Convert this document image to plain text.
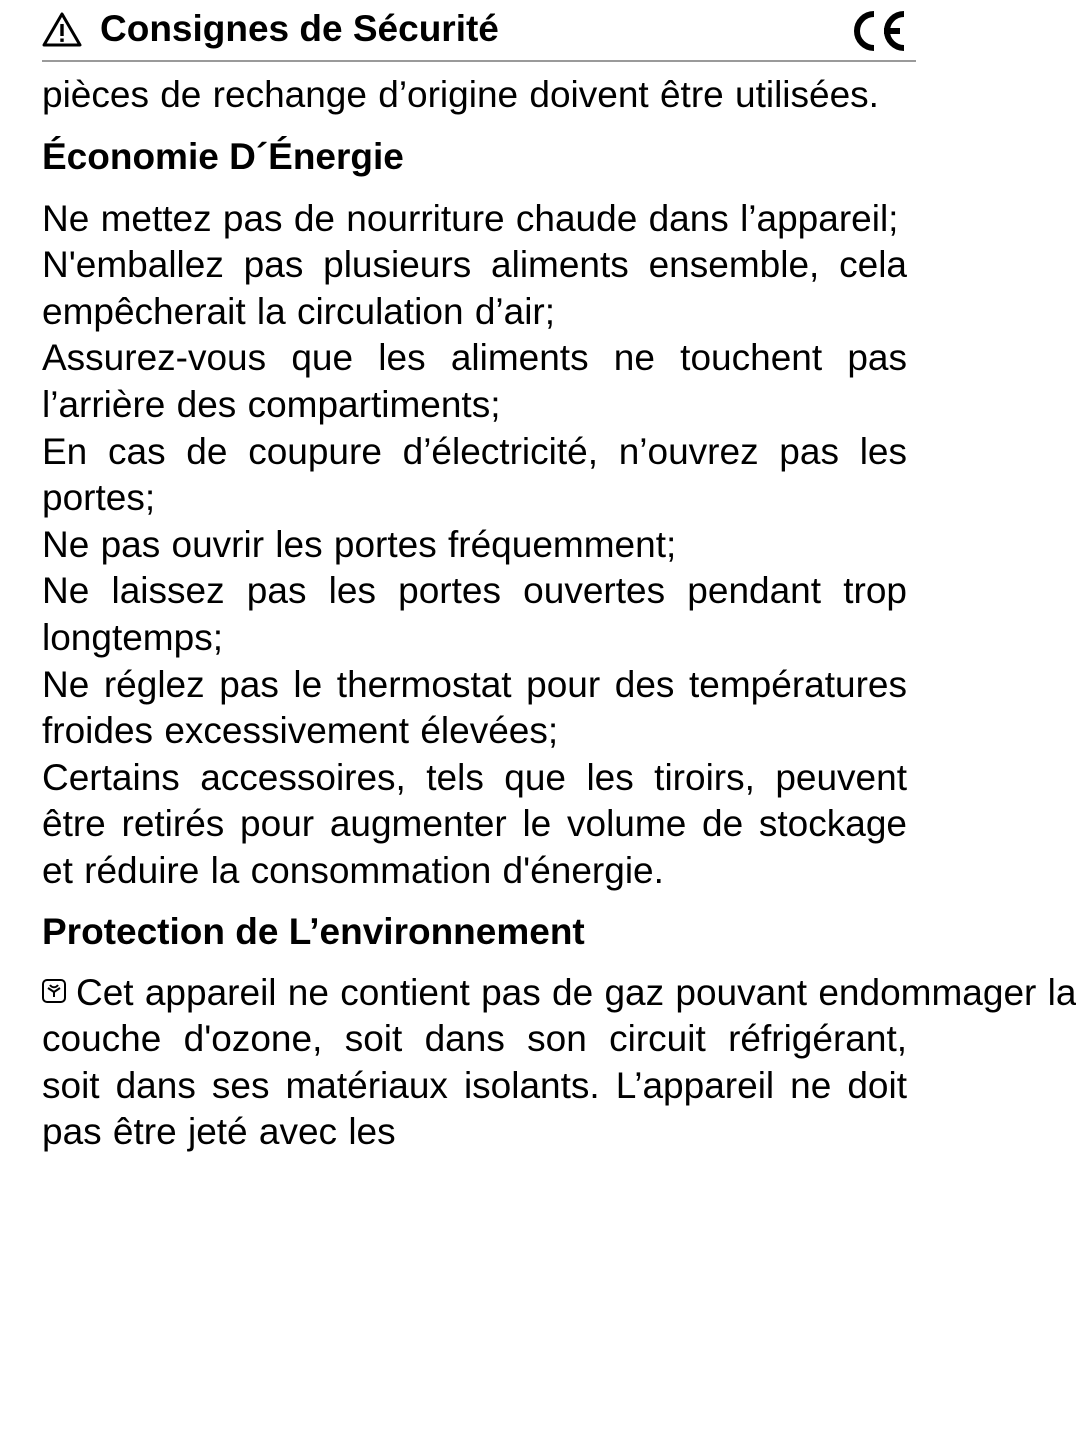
Consignes de Sécurité

pièces de rechange d’origine doivent être utilisées.

Économie D´Énergie

Ne mettez pas de nourriture chaude dans l’appareil;

N'emballez pas plusieurs aliments ensemble, cela empêcherait la circulation d’air;

Assurez-vous que les aliments ne touchent pas l’arrière des compartiments;

En cas de coupure d’électricité, n’ouvrez pas les portes;

Ne pas ouvrir les portes fréquemment;

Ne laissez pas les portes ouvertes pendant trop longtemps;

Ne réglez pas le thermostat pour des températures froides excessivement élevées;

Certains accessoires, tels que les tiroirs, peuvent être retirés pour augmenter le volume de stockage et réduire la consommation d'énergie.

Protection de L’environnement

Cet appareil ne contient pas de gaz pouvant endommager la

couche d'ozone, soit dans son circuit réfrigérant, soit dans ses matériaux isolants. L’appareil ne doit pas être jeté avec les
